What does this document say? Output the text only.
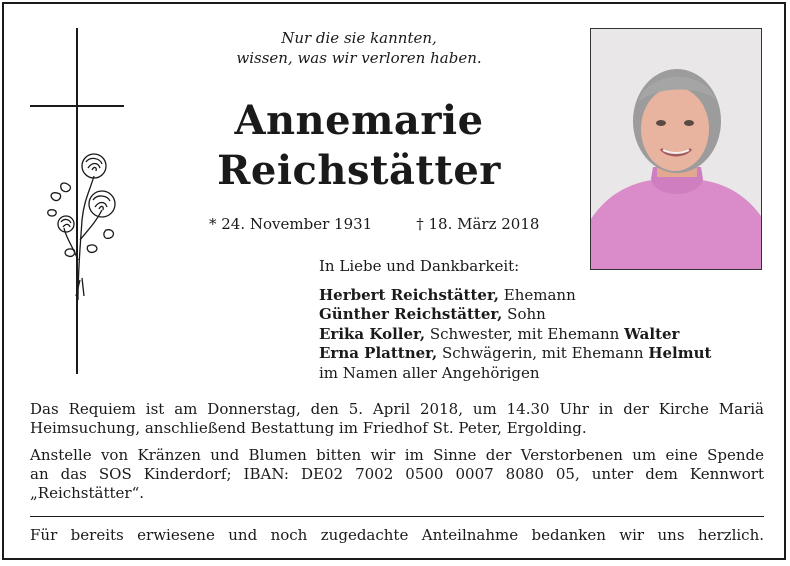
Nur die sie kannten,
wissen, was wir verloren haben.
Annemarie
Reichstätter
* 24. November 1931	† 18. März 2018
In Liebe und Dankbarkeit:
Herbert Reichstätter, Ehemann
Günther Reichstätter, Sohn
Erika Koller, Schwester, mit Ehemann Walter
Erna Plattner, Schwägerin, mit Ehemann Helmut
im Namen aller Angehörigen
Das Requiem ist am Donnerstag, den 5. April 2018, um 14.30 Uhr in der Kirche Mariä
Heimsuchung, anschließend Bestattung im Friedhof St. Peter, Ergolding.
Anstelle von Kränzen und Blumen bitten wir im Sinne der Verstorbenen um eine Spende
an das SOS Kinderdorf; IBAN: DE02 7002 0500 0007 8080 05, unter dem Kennwort
„Reichstätter“.
Für bereits erwiesene und noch zugedachte Anteilnahme bedanken wir uns herzlich.
